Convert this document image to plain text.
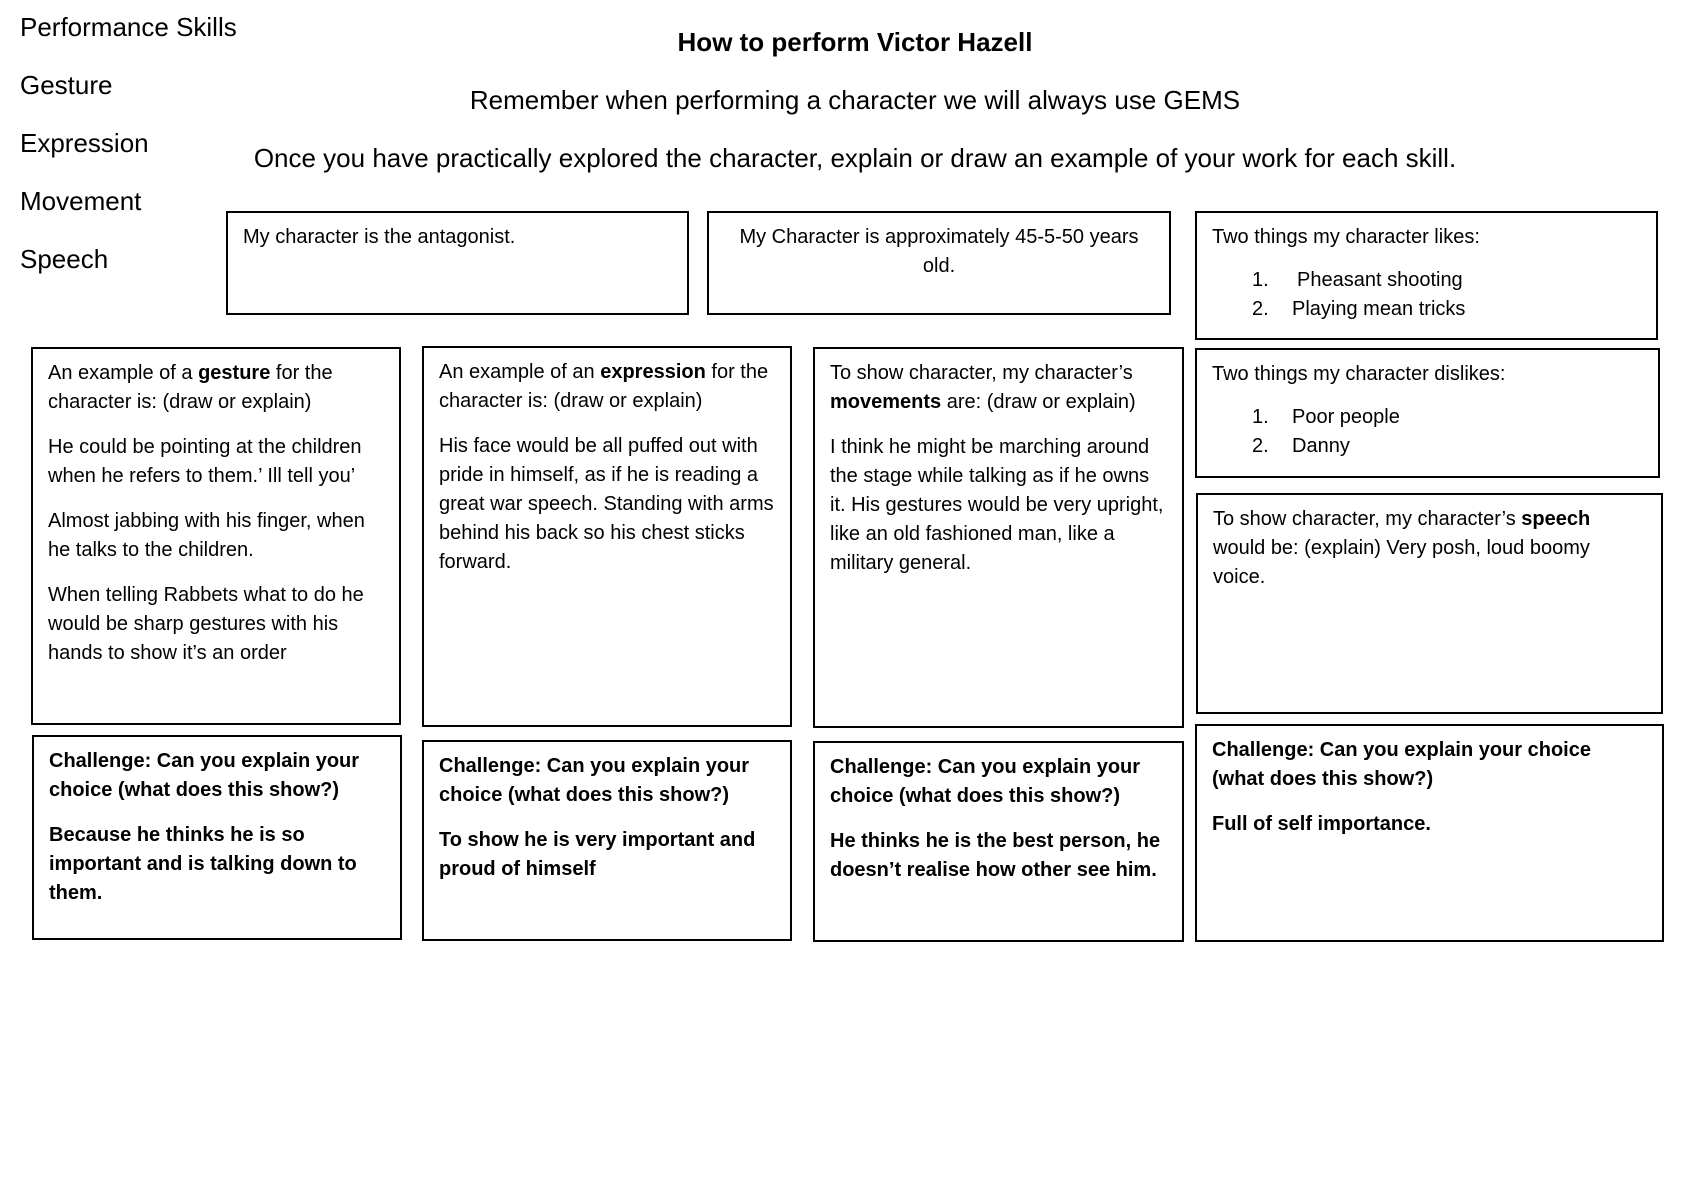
Performance Skills
Gesture
Expression
Movement
Speech
How to perform Victor Hazell
Remember when performing a character we will always use GEMS
Once you have practically explored the character, explain or draw an example of your work for each skill.
My character is the antagonist.	My Character is approximately 45-5-50 years old.
Two things my character likes:
1.	Pheasant shooting
2.	Playing mean tricks

An example of a gesture for the character is: (draw or explain)

He could be pointing at the children when he refers to them.’ Ill tell you’

Almost jabbing with his finger, when he talks to the children.

When telling Rabbets what to do he would be sharp gestures with his hands to show it’s an order

An example of an expression for the character is: (draw or explain)

His face would be all puffed out with pride in himself, as if he is reading a great war speech. Standing with arms behind his back so his chest sticks forward.

To show character, my character’s movements are: (draw or explain)

I think he might be marching around the stage while talking as if he owns it. His gestures would be very upright, like an old fashioned man, like a military general.

Two things my character dislikes:
1.	Poor people
2.	Danny
To show character, my character’s speech would be: (explain) Very posh, loud boomy voice.

Challenge: Can you explain your choice (what does this show?)

Because he thinks he is so important and is talking down to them.

Challenge: Can you explain your choice (what does this show?)

To show he is very important and proud of himself

Challenge: Can you explain your choice (what does this show?)

He thinks he is the best person, he doesn’t realise how other see him.

Challenge: Can you explain your choice (what does this show?)

Full of self importance.
